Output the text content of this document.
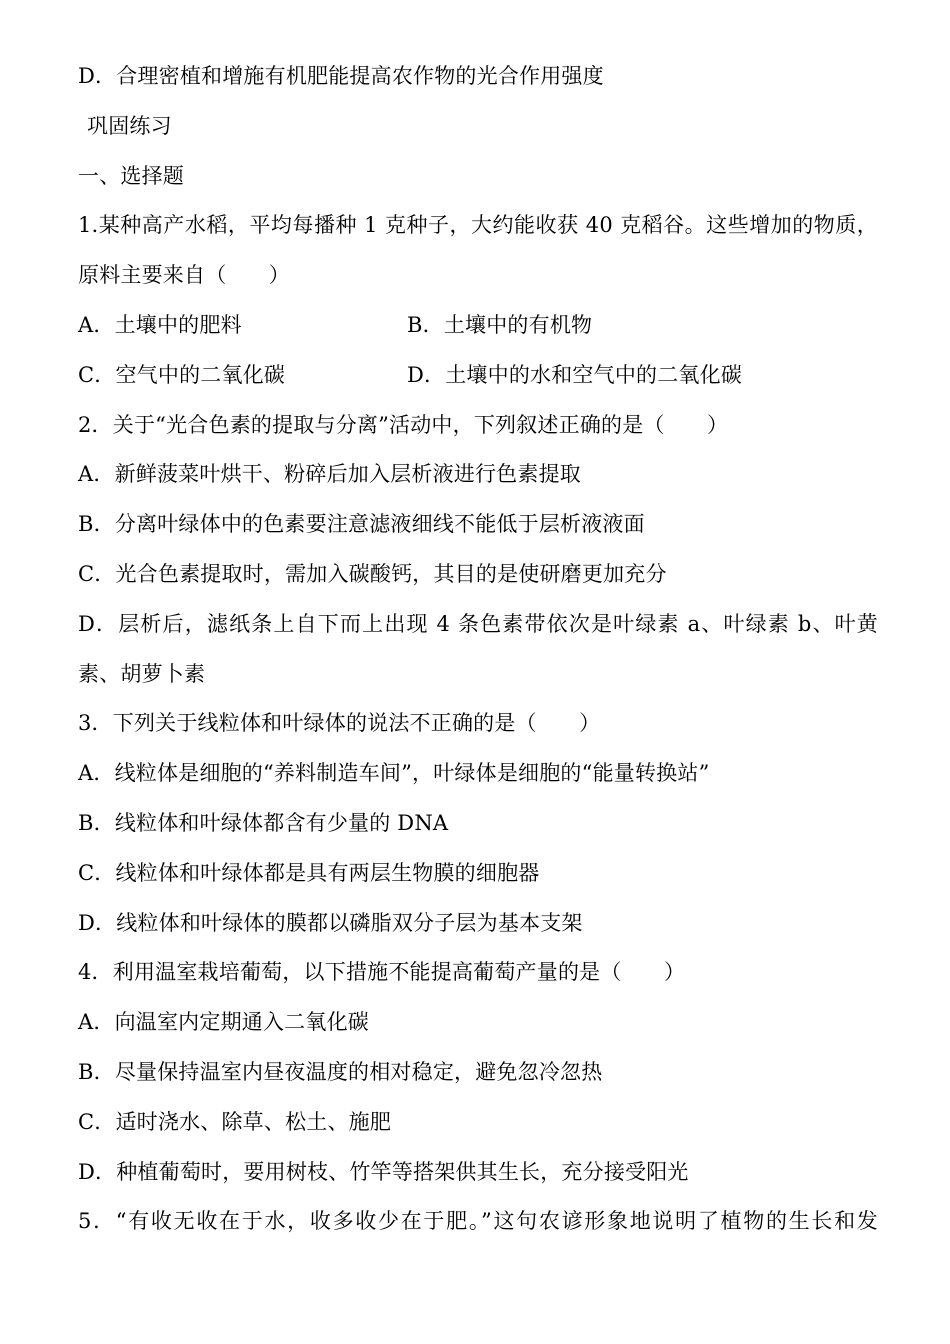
D．合理密植和增施有机肥能提高农作物的光合作用强度
巩固练习
一、选择题
1.某种高产水稻，平均每播种 1 克种子，大约能收获 40 克稻谷。这些增加的物质，
原料主要来自（　　）
A．土壤中的肥料	B．土壤中的有机物
C．空气中的二氧化碳	D．土壤中的水和空气中的二氧化碳
2．关于“光合色素的提取与分离”活动中，下列叙述正确的是（　　）
A．新鲜菠菜叶烘干、粉碎后加入层析液进行色素提取
B．分离叶绿体中的色素要注意滤液细线不能低于层析液液面
C．光合色素提取时，需加入碳酸钙，其目的是使研磨更加充分
D．层析后，滤纸条上自下而上出现 4 条色素带依次是叶绿素 a、叶绿素 b、叶黄
素、胡萝卜素
3．下列关于线粒体和叶绿体的说法不正确的是（　　）
A．线粒体是细胞的“养料制造车间”，叶绿体是细胞的“能量转换站”
B．线粒体和叶绿体都含有少量的 DNA
C．线粒体和叶绿体都是具有两层生物膜的细胞器
D．线粒体和叶绿体的膜都以磷脂双分子层为基本支架
4．利用温室栽培葡萄，以下措施不能提高葡萄产量的是（　　）
A．向温室内定期通入二氧化碳
B．尽量保持温室内昼夜温度的相对稳定，避免忽冷忽热
C．适时浇水、除草、松土、施肥
D．种植葡萄时，要用树枝、竹竿等搭架供其生长，充分接受阳光
5．“有收无收在于水，收多收少在于肥。”这句农谚形象地说明了植物的生长和发
